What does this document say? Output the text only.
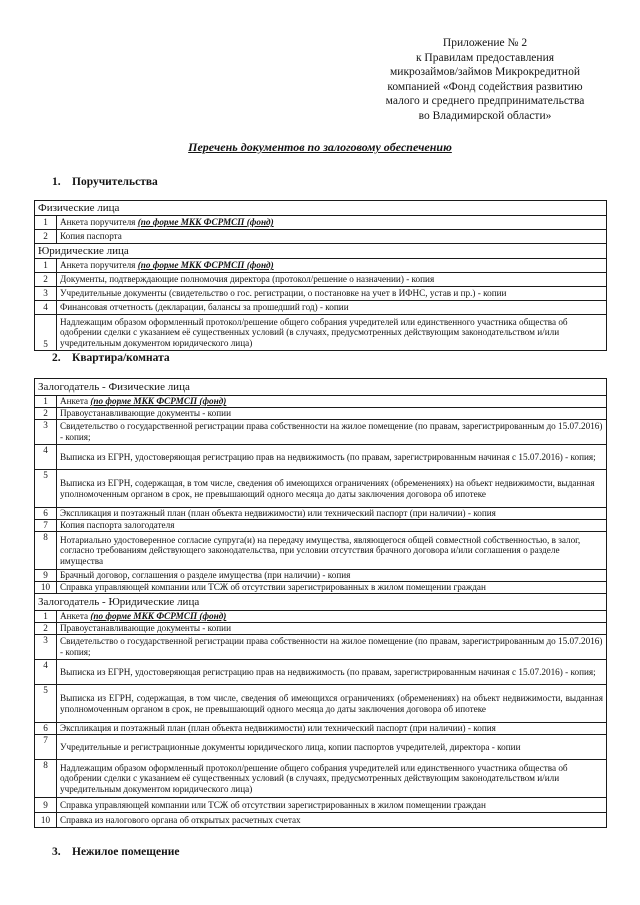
Приложение № 2
к Правилам предоставления
микрозаймов/займов Микрокредитной
компанией «Фонд содействия развитию
малого и среднего предпринимательства
во Владимирской области»
Перечень документов по залоговому обеспечению
1. Поручительства
Физические лица	
1	Анкета поручителя (по форме МКК ФСРМСП (фонд)
2	Копия паспорта
Юридические лица	
1	Анкета поручителя (по форме МКК ФСРМСП (фонд)
2	Документы, подтверждающие полномочия директора (протокол/решение о назначении) - копия
3	Учредительные документы (свидетельство о гос. регистрации, о постановке на учет в ИФНС, устав и пр.) - копии
4	Финансовая отчетность (декларации, балансы за прошедший год) - копии
5	Надлежащим образом оформленный протокол/решение общего собрания учредителей или единственного участника общества об одобрении сделки с указанием её существенных условий (в случаях, предусмотренных действующим законодательством и/или учредительным документом юридического лица)
2. Квартира/комната
Залогодатель - Физические лица	
1	Анкета (по форме МКК ФСРМСП (фонд)
2	Правоустанавливающие документы - копии
3	Свидетельство о государственной регистрации права собственности на жилое помещение (по правам, зарегистрированным до 15.07.2016) - копия;
4	Выписка из ЕГРН, удостоверяющая регистрацию прав на недвижимость (по правам, зарегистрированным начиная с 15.07.2016) - копия;
5	Выписка из ЕГРН, содержащая, в том числе, сведения об имеющихся ограничениях (обременениях) на объект недвижимости, выданная уполномоченным органом в срок, не превышающий одного месяца до даты заключения договора об ипотеке
6	Экспликация и поэтажный план (план объекта недвижимости) или технический паспорт (при наличии) - копия
7	Копия паспорта залогодателя
8	Нотариально удостоверенное согласие супруга(и) на передачу имущества, являющегося общей совместной собственностью, в залог, согласно требованиям действующего законодательства, при условии отсутствия брачного договора и/или соглашения о разделе имущества
9	Брачный договор, соглашения о разделе имущества (при наличии) - копия
10	Справка управляющей компании или ТСЖ об отсутствии зарегистрированных в жилом помещении граждан
Залогодатель - Юридические лица	
1	Анкета (по форме МКК ФСРМСП (фонд)
2	Правоустанавливающие документы - копии
3	Свидетельство о государственной регистрации права собственности на жилое помещение (по правам, зарегистрированным до 15.07.2016) - копия;
4	Выписка из ЕГРН, удостоверяющая регистрацию прав на недвижимость (по правам, зарегистрированным начиная с 15.07.2016) - копия;
5	Выписка из ЕГРН, содержащая, в том числе, сведения об имеющихся ограничениях (обременениях) на объект недвижимости, выданная уполномоченным органом в срок, не превышающий одного месяца до даты заключения договора об ипотеке
6	Экспликация и поэтажный план (план объекта недвижимости) или технический паспорт (при наличии) - копия
7	Учредительные и регистрационные документы юридического лица, копии паспортов учредителей, директора - копии
8	Надлежащим образом оформленный протокол/решение общего собрания учредителей или единственного участника общества об одобрении сделки с указанием её существенных условий (в случаях, предусмотренных действующим законодательством и/или учредительным документом юридического лица)
9	Справка управляющей компании или ТСЖ об отсутствии зарегистрированных в жилом помещении граждан
10	Справка из налогового органа об открытых расчетных счетах
3. Нежилое помещение
